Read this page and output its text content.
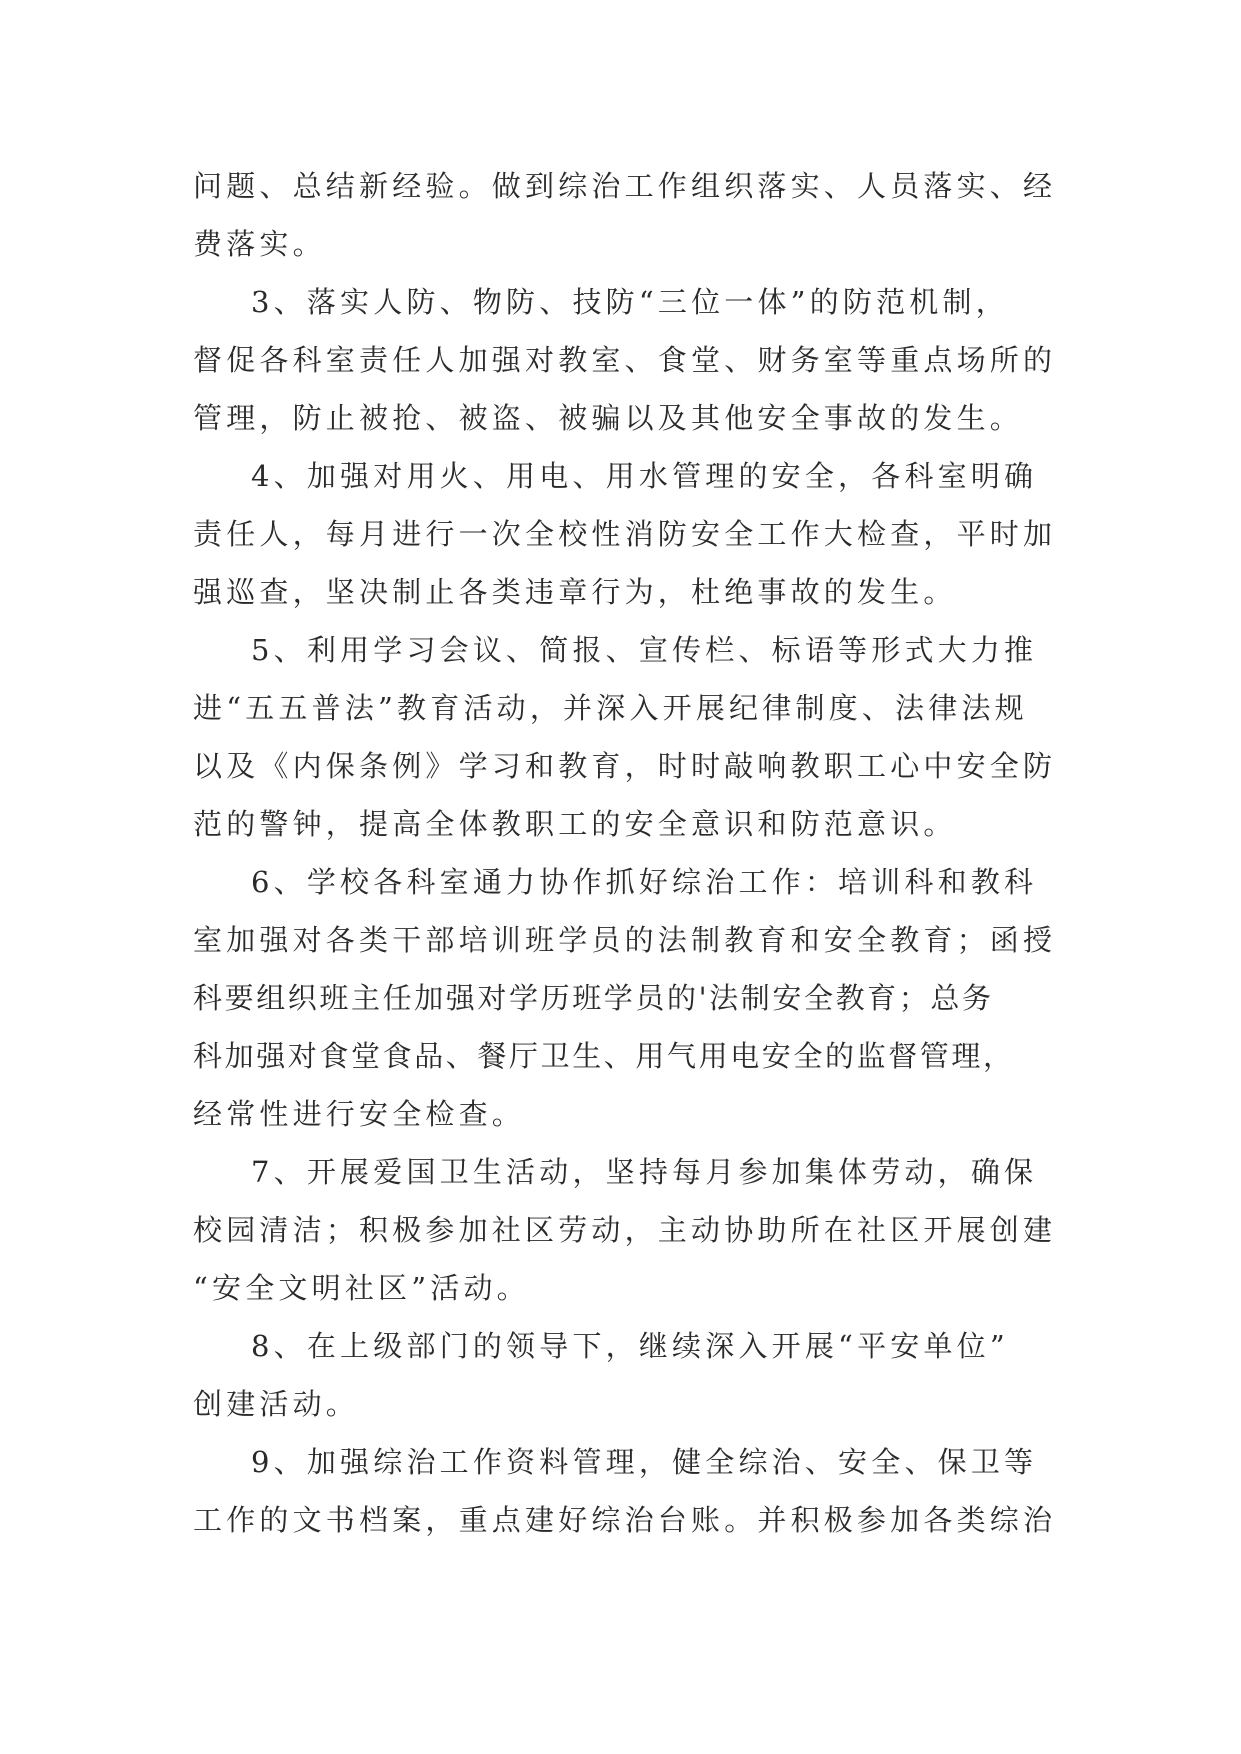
问题、总结新经验。做到综治工作组织落实、人员落实、经
费落实。
3、落实人防、物防、技防“三位一体”的防范机制，
督促各科室责任人加强对教室、食堂、财务室等重点场所的
管理，防止被抢、被盗、被骗以及其他安全事故的发生。
4、加强对用火、用电、用水管理的安全，各科室明确
责任人，每月进行一次全校性消防安全工作大检查，平时加
强巡查，坚决制止各类违章行为，杜绝事故的发生。
5、利用学习会议、简报、宣传栏、标语等形式大力推
进“五五普法”教育活动，并深入开展纪律制度、法律法规
以及《内保条例》学习和教育，时时敲响教职工心中安全防
范的警钟，提高全体教职工的安全意识和防范意识。
6、学校各科室通力协作抓好综治工作：培训科和教科
室加强对各类干部培训班学员的法制教育和安全教育；函授
科要组织班主任加强对学历班学员的'法制安全教育；总务
科加强对食堂食品、餐厅卫生、用气用电安全的监督管理，
经常性进行安全检查。
7、开展爱国卫生活动，坚持每月参加集体劳动，确保
校园清洁；积极参加社区劳动，主动协助所在社区开展创建
“安全文明社区”活动。
8、在上级部门的领导下，继续深入开展“平安单位”
创建活动。
9、加强综治工作资料管理，健全综治、安全、保卫等
工作的文书档案，重点建好综治台账。并积极参加各类综治
